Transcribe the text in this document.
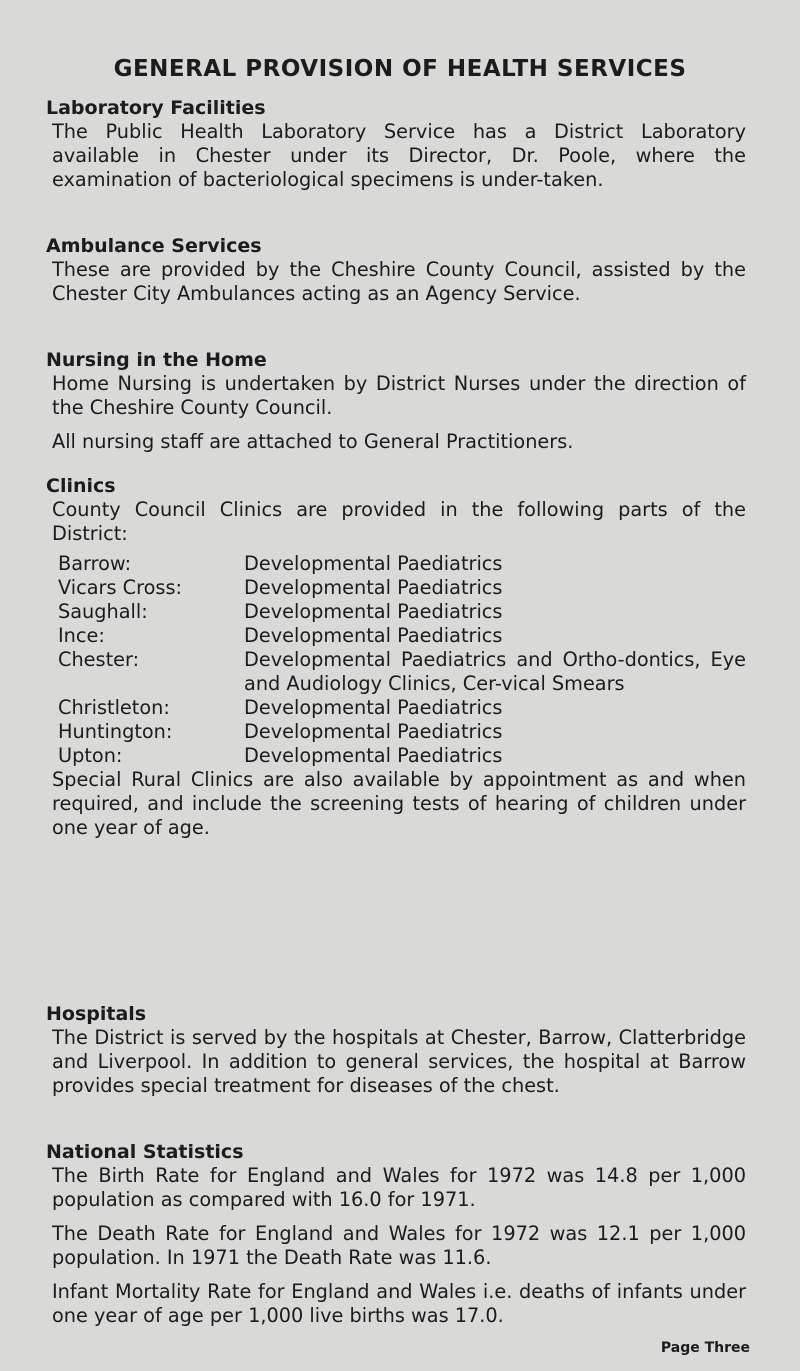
GENERAL PROVISION OF HEALTH SERVICES

Laboratory Facilities

The Public Health Laboratory Service has a District Laboratory available in Chester under its Director, Dr. Poole, where the examination of bacteriological specimens is under-taken.

Ambulance Services

These are provided by the Cheshire County Council, assisted by the Chester City Ambulances acting as an Agency Service.

Nursing in the Home

Home Nursing is undertaken by District Nurses under the direction of the Cheshire County Council.

All nursing staff are attached to General Practitioners.

Clinics

County Council Clinics are provided in the following parts of the District:

Barrow:	Developmental Paediatrics
Vicars Cross:	Developmental Paediatrics
Saughall:	Developmental Paediatrics
Ince:	Developmental Paediatrics
Chester:	Developmental Paediatrics and Ortho-dontics, Eye and Audiology Clinics, Cer-vical Smears
Christleton:	Developmental Paediatrics
Huntington:	Developmental Paediatrics
Upton:	Developmental Paediatrics

Special Rural Clinics are also available by appointment as and when required, and include the screening tests of hearing of children under one year of age.

Hospitals

The District is served by the hospitals at Chester, Barrow, Clatterbridge and Liverpool. In addition to general services, the hospital at Barrow provides special treatment for diseases of the chest.

National Statistics

The Birth Rate for England and Wales for 1972 was 14.8 per 1,000 population as compared with 16.0 for 1971.

The Death Rate for England and Wales for 1972 was 12.1 per 1,000 population. In 1971 the Death Rate was 11.6.

Infant Mortality Rate for England and Wales i.e. deaths of infants under one year of age per 1,000 live births was 17.0.

Page Three
